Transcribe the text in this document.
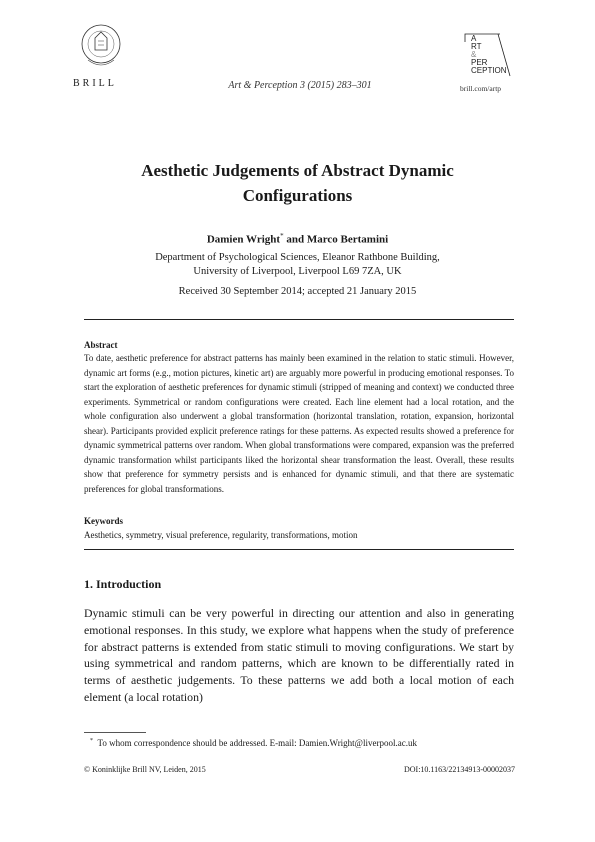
BRILL	Art & Perception 3 (2015) 283–301
A
RT
&
PER
CEPTION
brill.com/artp
Aesthetic Judgements of Abstract Dynamic Configurations
Damien Wright* and Marco Bertamini
Department of Psychological Sciences, Eleanor Rathbone Building,
University of Liverpool, Liverpool L69 7ZA, UK
Received 30 September 2014; accepted 21 January 2015
Abstract
To date, aesthetic preference for abstract patterns has mainly been examined in the relation to static stimuli. However, dynamic art forms (e.g., motion pictures, kinetic art) are arguably more powerful in producing emotional responses. To start the exploration of aesthetic preferences for dynamic stimuli (stripped of meaning and context) we conducted three experiments. Symmetrical or random configurations were created. Each line element had a local rotation, and the whole configuration also underwent a global transformation (horizontal translation, rotation, expansion, horizontal shear). Participants provided explicit preference ratings for these patterns. As expected results showed a preference for dynamic symmetrical patterns over random. When global transformations were compared, expansion was the preferred dynamic transformation whilst participants liked the horizontal shear transformation the least. Overall, these results show that preference for symmetry persists and is enhanced for dynamic stimuli, and that there are systematic preferences for global transformations.
Keywords
Aesthetics, symmetry, visual preference, regularity, transformations, motion
1. Introduction
Dynamic stimuli can be very powerful in directing our attention and also in generating emotional responses. In this study, we explore what happens when the study of preference for abstract patterns is extended from static stimuli to moving configurations. We start by using symmetrical and random patterns, which are known to be differentially rated in terms of aesthetic judgements. To these patterns we add both a local motion of each element (a local rotation)
* To whom correspondence should be addressed. E-mail: Damien.Wright@liverpool.ac.uk
© Koninklijke Brill NV, Leiden, 2015	DOI:10.1163/22134913-00002037
